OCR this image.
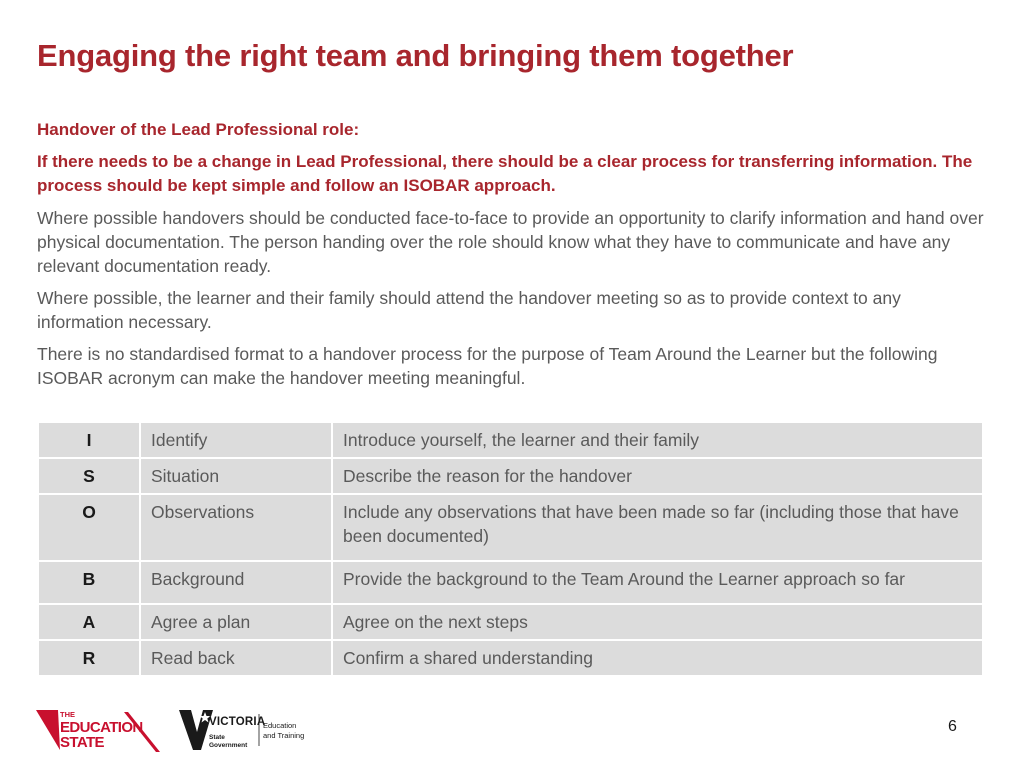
Engaging the right team and bringing them together

Handover of the Lead Professional role:

If there needs to be a change in Lead Professional, there should be a clear process for transferring information. The process should be kept simple and follow an ISOBAR approach.

Where possible handovers should be conducted face-to-face to provide an opportunity to clarify information and hand over physical documentation. The person handing over the role should know what they have to communicate and have any relevant documentation ready.

Where possible, the learner and their family should attend the handover meeting so as to provide context to any information necessary.

There is no standardised format to a handover process for the purpose of Team Around the Learner but the following ISOBAR acronym can make the handover meeting meaningful.

I	Identify	Introduce yourself, the learner and their family
S	Situation	Describe the reason for the handover
O	Observations	Include any observations that have been made so far (including those that have been documented)
B	Background	Provide the background to the Team Around the Learner approach so far
A	Agree a plan	Agree on the next steps
R	Read back	Confirm a shared understanding
THE
EDUCATION
STATE
VICTORIA
State
Government
Education
and Training
6
